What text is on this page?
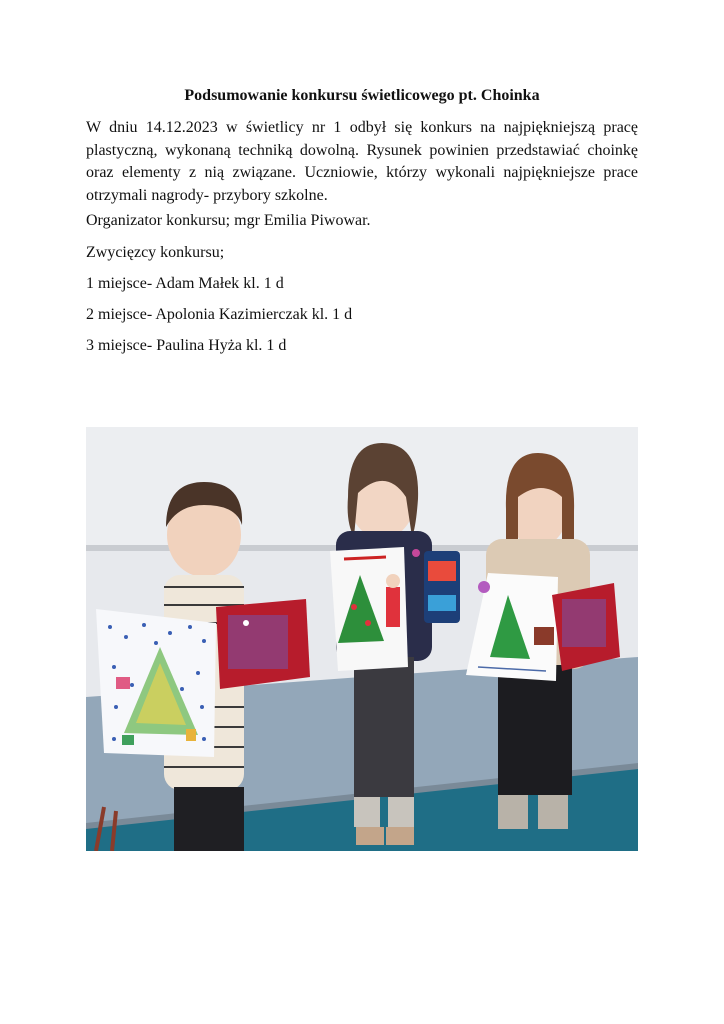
Podsumowanie konkursu świetlicowego pt. Choinka

W dniu 14.12.2023 w świetlicy nr 1 odbył się konkurs na najpiękniejszą pracę plastyczną, wykonaną techniką dowolną. Rysunek powinien przedstawiać choinkę oraz elementy z nią związane. Uczniowie, którzy wykonali najpiękniejsze prace otrzymali nagrody- przybory szkolne.

Organizator konkursu; mgr Emilia Piwowar.

Zwycięzcy konkursu;

1 miejsce- Adam Małek kl. 1 d

2 miejsce- Apolonia Kazimierczak kl. 1 d

3 miejsce- Paulina Hyża kl. 1 d
